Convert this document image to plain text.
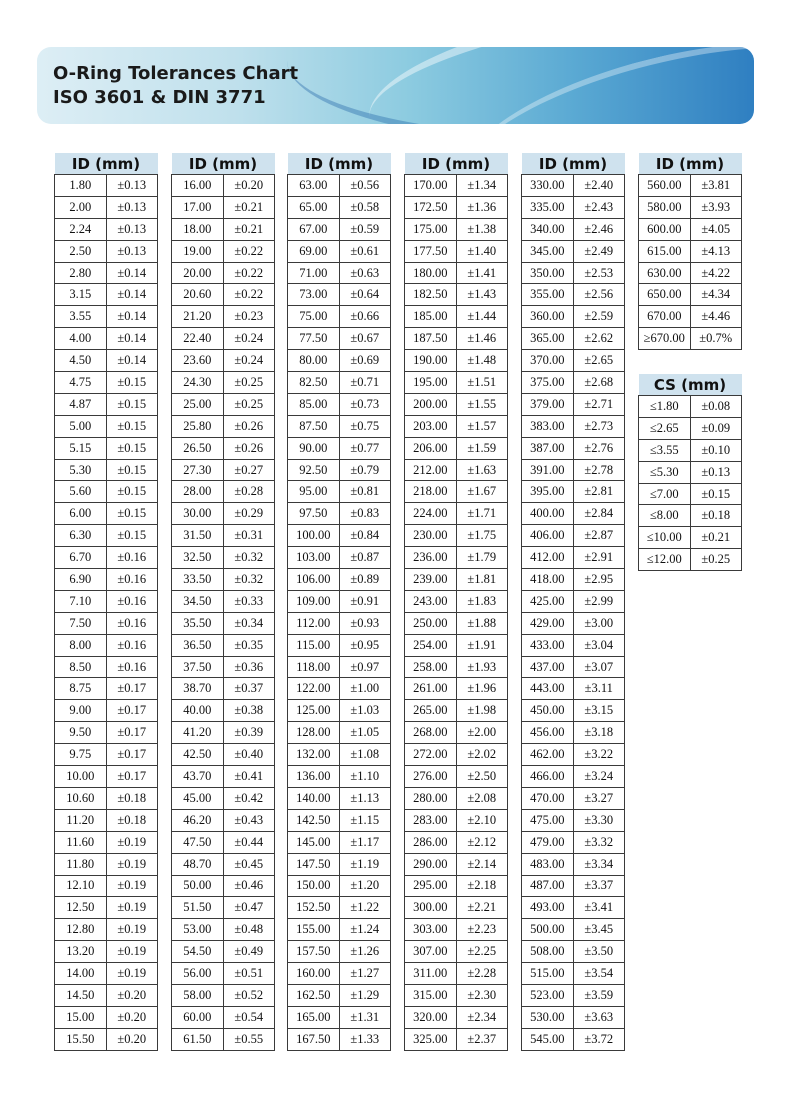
O-Ring Tolerances Chart
ISO 3601 & DIN 3771
ID (mm)	
1.80	±0.13
2.00	±0.13
2.24	±0.13
2.50	±0.13
2.80	±0.14
3.15	±0.14
3.55	±0.14
4.00	±0.14
4.50	±0.14
4.75	±0.15
4.87	±0.15
5.00	±0.15
5.15	±0.15
5.30	±0.15
5.60	±0.15
6.00	±0.15
6.30	±0.15
6.70	±0.16
6.90	±0.16
7.10	±0.16
7.50	±0.16
8.00	±0.16
8.50	±0.16
8.75	±0.17
9.00	±0.17
9.50	±0.17
9.75	±0.17
10.00	±0.17
10.60	±0.18
11.20	±0.18
11.60	±0.19
11.80	±0.19
12.10	±0.19
12.50	±0.19
12.80	±0.19
13.20	±0.19
14.00	±0.19
14.50	±0.20
15.00	±0.20
15.50	±0.20
ID (mm)	
16.00	±0.20
17.00	±0.21
18.00	±0.21
19.00	±0.22
20.00	±0.22
20.60	±0.22
21.20	±0.23
22.40	±0.24
23.60	±0.24
24.30	±0.25
25.00	±0.25
25.80	±0.26
26.50	±0.26
27.30	±0.27
28.00	±0.28
30.00	±0.29
31.50	±0.31
32.50	±0.32
33.50	±0.32
34.50	±0.33
35.50	±0.34
36.50	±0.35
37.50	±0.36
38.70	±0.37
40.00	±0.38
41.20	±0.39
42.50	±0.40
43.70	±0.41
45.00	±0.42
46.20	±0.43
47.50	±0.44
48.70	±0.45
50.00	±0.46
51.50	±0.47
53.00	±0.48
54.50	±0.49
56.00	±0.51
58.00	±0.52
60.00	±0.54
61.50	±0.55
ID (mm)	
63.00	±0.56
65.00	±0.58
67.00	±0.59
69.00	±0.61
71.00	±0.63
73.00	±0.64
75.00	±0.66
77.50	±0.67
80.00	±0.69
82.50	±0.71
85.00	±0.73
87.50	±0.75
90.00	±0.77
92.50	±0.79
95.00	±0.81
97.50	±0.83
100.00	±0.84
103.00	±0.87
106.00	±0.89
109.00	±0.91
112.00	±0.93
115.00	±0.95
118.00	±0.97
122.00	±1.00
125.00	±1.03
128.00	±1.05
132.00	±1.08
136.00	±1.10
140.00	±1.13
142.50	±1.15
145.00	±1.17
147.50	±1.19
150.00	±1.20
152.50	±1.22
155.00	±1.24
157.50	±1.26
160.00	±1.27
162.50	±1.29
165.00	±1.31
167.50	±1.33
ID (mm)	
170.00	±1.34
172.50	±1.36
175.00	±1.38
177.50	±1.40
180.00	±1.41
182.50	±1.43
185.00	±1.44
187.50	±1.46
190.00	±1.48
195.00	±1.51
200.00	±1.55
203.00	±1.57
206.00	±1.59
212.00	±1.63
218.00	±1.67
224.00	±1.71
230.00	±1.75
236.00	±1.79
239.00	±1.81
243.00	±1.83
250.00	±1.88
254.00	±1.91
258.00	±1.93
261.00	±1.96
265.00	±1.98
268.00	±2.00
272.00	±2.02
276.00	±2.50
280.00	±2.08
283.00	±2.10
286.00	±2.12
290.00	±2.14
295.00	±2.18
300.00	±2.21
303.00	±2.23
307.00	±2.25
311.00	±2.28
315.00	±2.30
320.00	±2.34
325.00	±2.37
ID (mm)	
330.00	±2.40
335.00	±2.43
340.00	±2.46
345.00	±2.49
350.00	±2.53
355.00	±2.56
360.00	±2.59
365.00	±2.62
370.00	±2.65
375.00	±2.68
379.00	±2.71
383.00	±2.73
387.00	±2.76
391.00	±2.78
395.00	±2.81
400.00	±2.84
406.00	±2.87
412.00	±2.91
418.00	±2.95
425.00	±2.99
429.00	±3.00
433.00	±3.04
437.00	±3.07
443.00	±3.11
450.00	±3.15
456.00	±3.18
462.00	±3.22
466.00	±3.24
470.00	±3.27
475.00	±3.30
479.00	±3.32
483.00	±3.34
487.00	±3.37
493.00	±3.41
500.00	±3.45
508.00	±3.50
515.00	±3.54
523.00	±3.59
530.00	±3.63
545.00	±3.72
ID (mm)	
560.00	±3.81
580.00	±3.93
600.00	±4.05
615.00	±4.13
630.00	±4.22
650.00	±4.34
670.00	±4.46
≥670.00	±0.7%
CS (mm)	
≤1.80	±0.08
≤2.65	±0.09
≤3.55	±0.10
≤5.30	±0.13
≤7.00	±0.15
≤8.00	±0.18
≤10.00	±0.21
≤12.00	±0.25
